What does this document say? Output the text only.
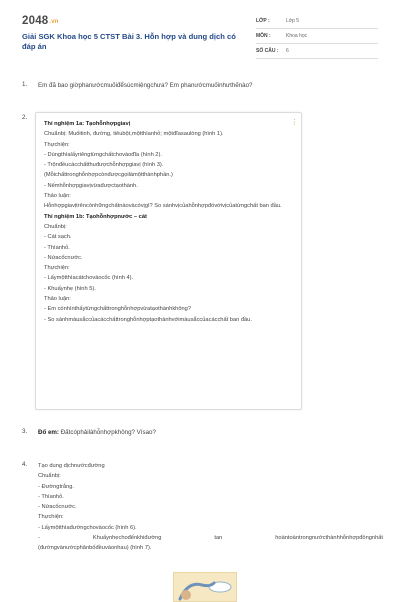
2048.vn
Giải SGK Khoa học 5 CTST Bài 3. Hỗn hợp và dung dịch có đáp án
LỚP :	Lớp 5
MÔN :	Khoa học
SỐ CÂU : 6
1. Em đã bao giờphanướcmuốiđểsúcmiệngchưa? Em phanướcmuốinhưthếnào?
2.
⋮
Thí nghiệm 1a: Tạohỗnhợpgiavị
Chuẩnbị: Muốitinh, đường, tiêubột,mộtthìanhỏ; mộtđĩasaulòng (hình 1).
Thựchiện:
- Dùngthìalấyriêngtừngchấtchovàođĩa (hình 2).
- Trộnđềucácchấtthuđượchỗnhợpgiavị (hình 3).
(Mỗichấttronghỗnhợpcònđượcgọilàmộtthànhphần.)
- Nếmhỗnhợpgiavịvừađượctạothành.
Thảo luận:
Hỗnhợpgiavịtrêncónhữngchấtnàovàcóvịgì? So sánhvịcủahỗnhợpđóvớivịcủatừngchất ban đầu.
Thí nghiệm 1b: Tạohỗnhợpnước – cát
Chuẩnbị:
- Cát sạch.
- Thìanhỏ.
- Nứacốcnước.
Thựchiện:
- Lấymộtthìacátchovàocốc (hình 4).
- Khuấynhẹ (hình 5).
Thảo luận:
- Em cónhìnthấytừngchấttronghỗnhợpvừatạothànhkhông?
- So sánhmàusắccủacácchấttronghỗnhợptạothànhvớimàusắccủacácchất ban đầu.
3. Đố em: Đấtcóphảilàhỗnhợpkhông? Vìsao?
4. Tạo dung dịchnướcđường
Chuẩnbị:
- Đườngtrắng.
- Thìanhỏ.
- Nứacốcnước.
Thựchiện:
- Lấymộtthìađườngchovàocốc (hình 6).
-	Khuấynhẹchođếnkhiđường	tan	hoàntoàntrongnướcthànhhỗnhợpđồngnhất
(đườngvànướcphânbốđềuvàonhau) (hình 7).
